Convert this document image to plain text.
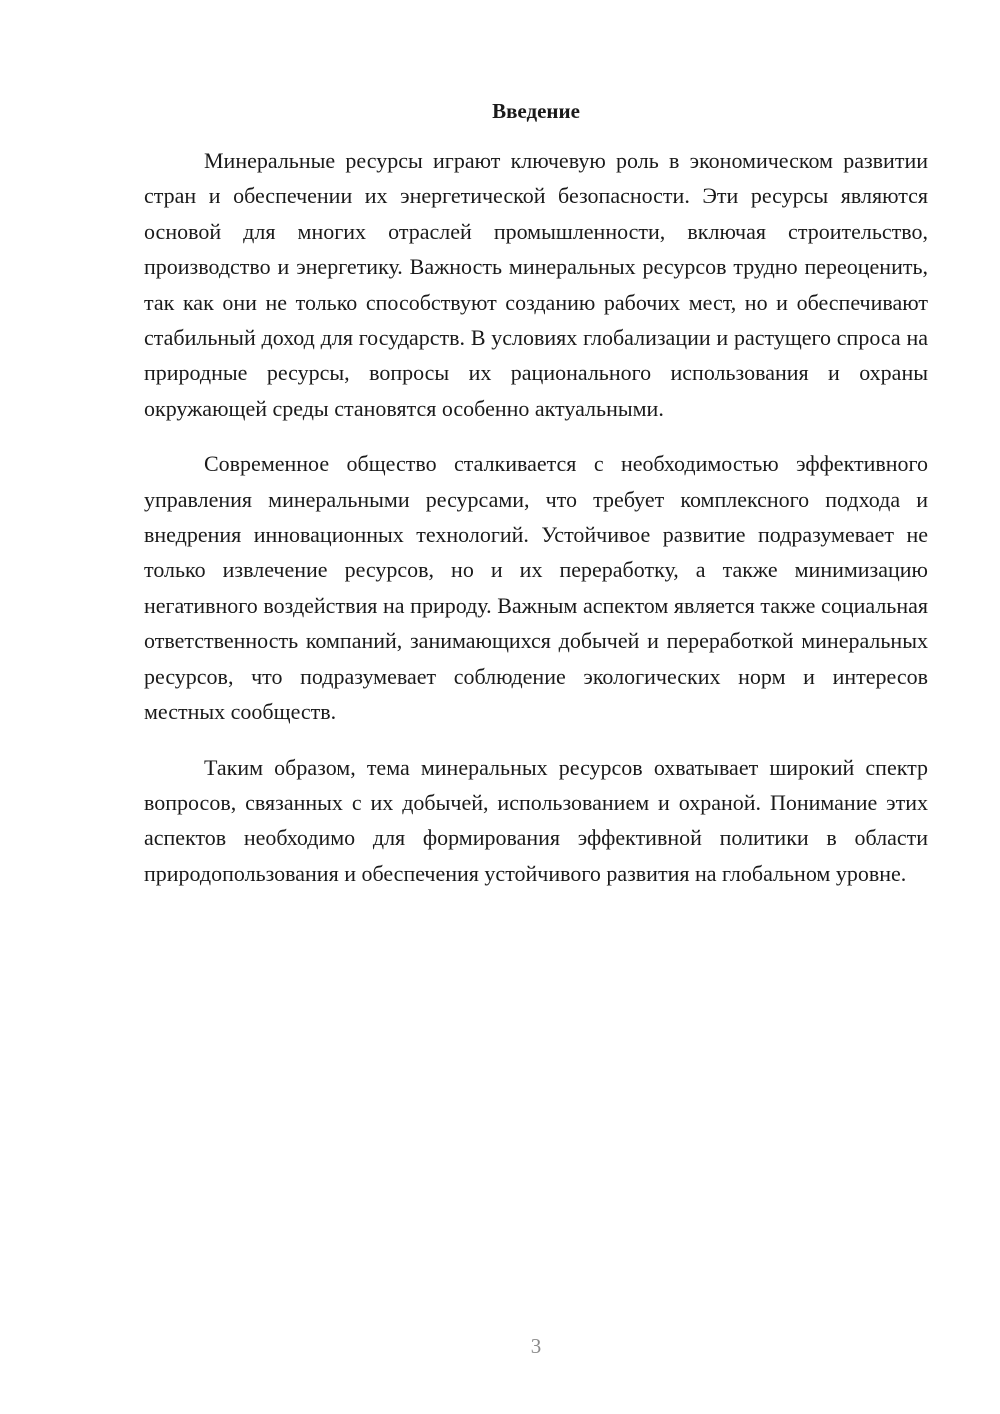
Введение

Минеральные ресурсы играют ключевую роль в экономическом развитии стран и обеспечении их энергетической безопасности. Эти ресурсы являются основой для многих отраслей промышленности, включая строительство, производство и энергетику. Важность минеральных ресурсов трудно переоценить, так как они не только способствуют созданию рабочих мест, но и обеспечивают стабильный доход для государств. В условиях глобализации и растущего спроса на природные ресурсы, вопросы их рационального использования и охраны окружающей среды становятся особенно актуальными.

Современное общество сталкивается с необходимостью эффективного управления минеральными ресурсами, что требует комплексного подхода и внедрения инновационных технологий. Устойчивое развитие подразумевает не только извлечение ресурсов, но и их переработку, а также минимизацию негативного воздействия на природу. Важным аспектом является также социальная ответственность компаний, занимающихся добычей и переработкой минеральных ресурсов, что подразумевает соблюдение экологических норм и интересов местных сообществ.

Таким образом, тема минеральных ресурсов охватывает широкий спектр вопросов, связанных с их добычей, использованием и охраной. Понимание этих аспектов необходимо для формирования эффективной политики в области природопользования и обеспечения устойчивого развития на глобальном уровне.

3
